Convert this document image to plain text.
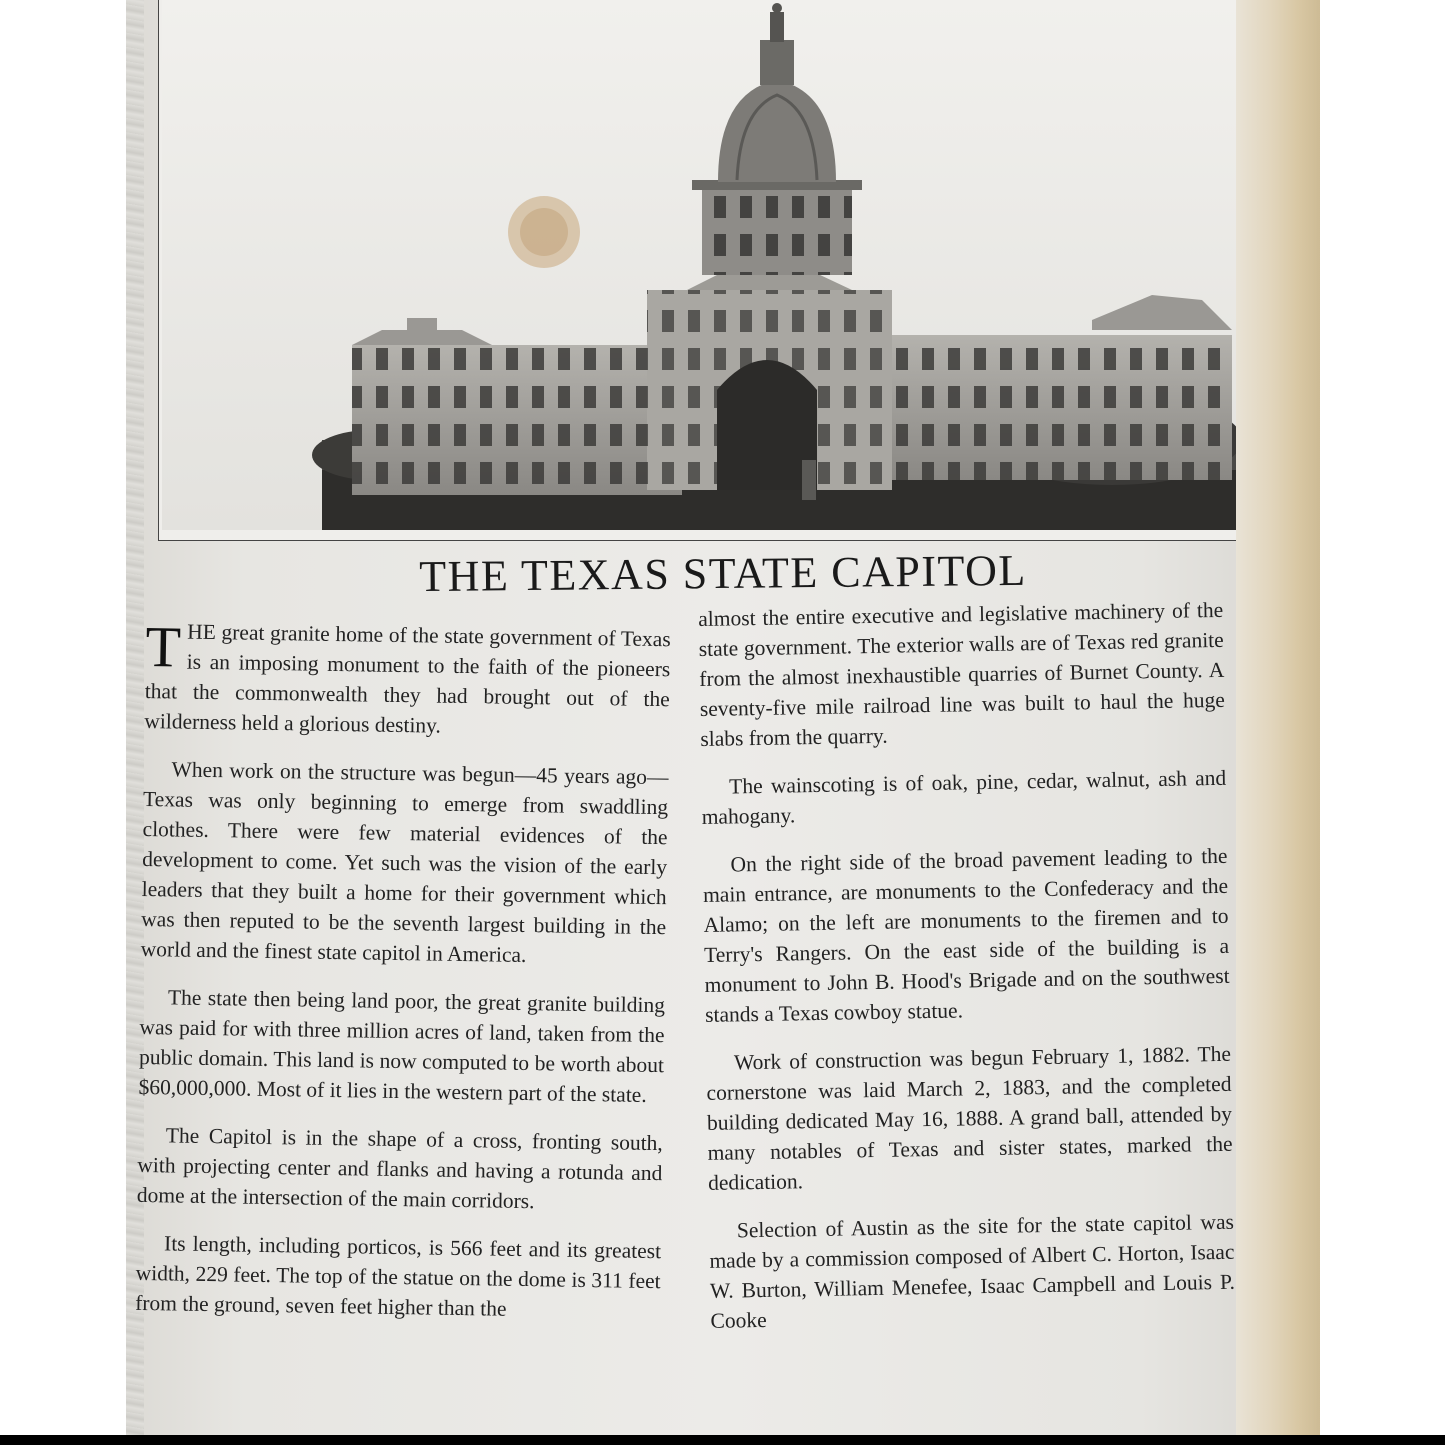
THE TEXAS STATE CAPITOL

THE great granite home of the state government of Texas is an imposing monument to the faith of the pioneers that the commonwealth they had brought out of the wilderness held a glorious destiny.

When work on the structure was begun—45 years ago—Texas was only beginning to emerge from swaddling clothes. There were few material evidences of the development to come. Yet such was the vision of the early leaders that they built a home for their government which was then reputed to be the seventh largest building in the world and the finest state capitol in America.

The state then being land poor, the great granite building was paid for with three million acres of land, taken from the public domain. This land is now computed to be worth about $60,000,000. Most of it lies in the western part of the state.

The Capitol is in the shape of a cross, fronting south, with projecting center and flanks and having a rotunda and dome at the intersection of the main corridors.

Its length, including porticos, is 566 feet and its greatest width, 229 feet. The top of the statue on the dome is 311 feet from the ground, seven feet higher than the

almost the entire executive and legislative machinery of the state government. The exterior walls are of Texas red granite from the almost inexhaustible quarries of Burnet County. A seventy-five mile railroad line was built to haul the huge slabs from the quarry.

The wainscoting is of oak, pine, cedar, walnut, ash and mahogany.

On the right side of the broad pavement leading to the main entrance, are monuments to the Confederacy and the Alamo; on the left are monuments to the firemen and to Terry's Rangers. On the east side of the building is a monument to John B. Hood's Brigade and on the southwest stands a Texas cowboy statue.

Work of construction was begun February 1, 1882. The cornerstone was laid March 2, 1883, and the completed building dedicated May 16, 1888. A grand ball, attended by many notables of Texas and sister states, marked the dedication.

Selection of Austin as the site for the state capitol was made by a commission composed of Albert C. Horton, Isaac W. Burton, William Menefee, Isaac Campbell and Louis P. Cooke
